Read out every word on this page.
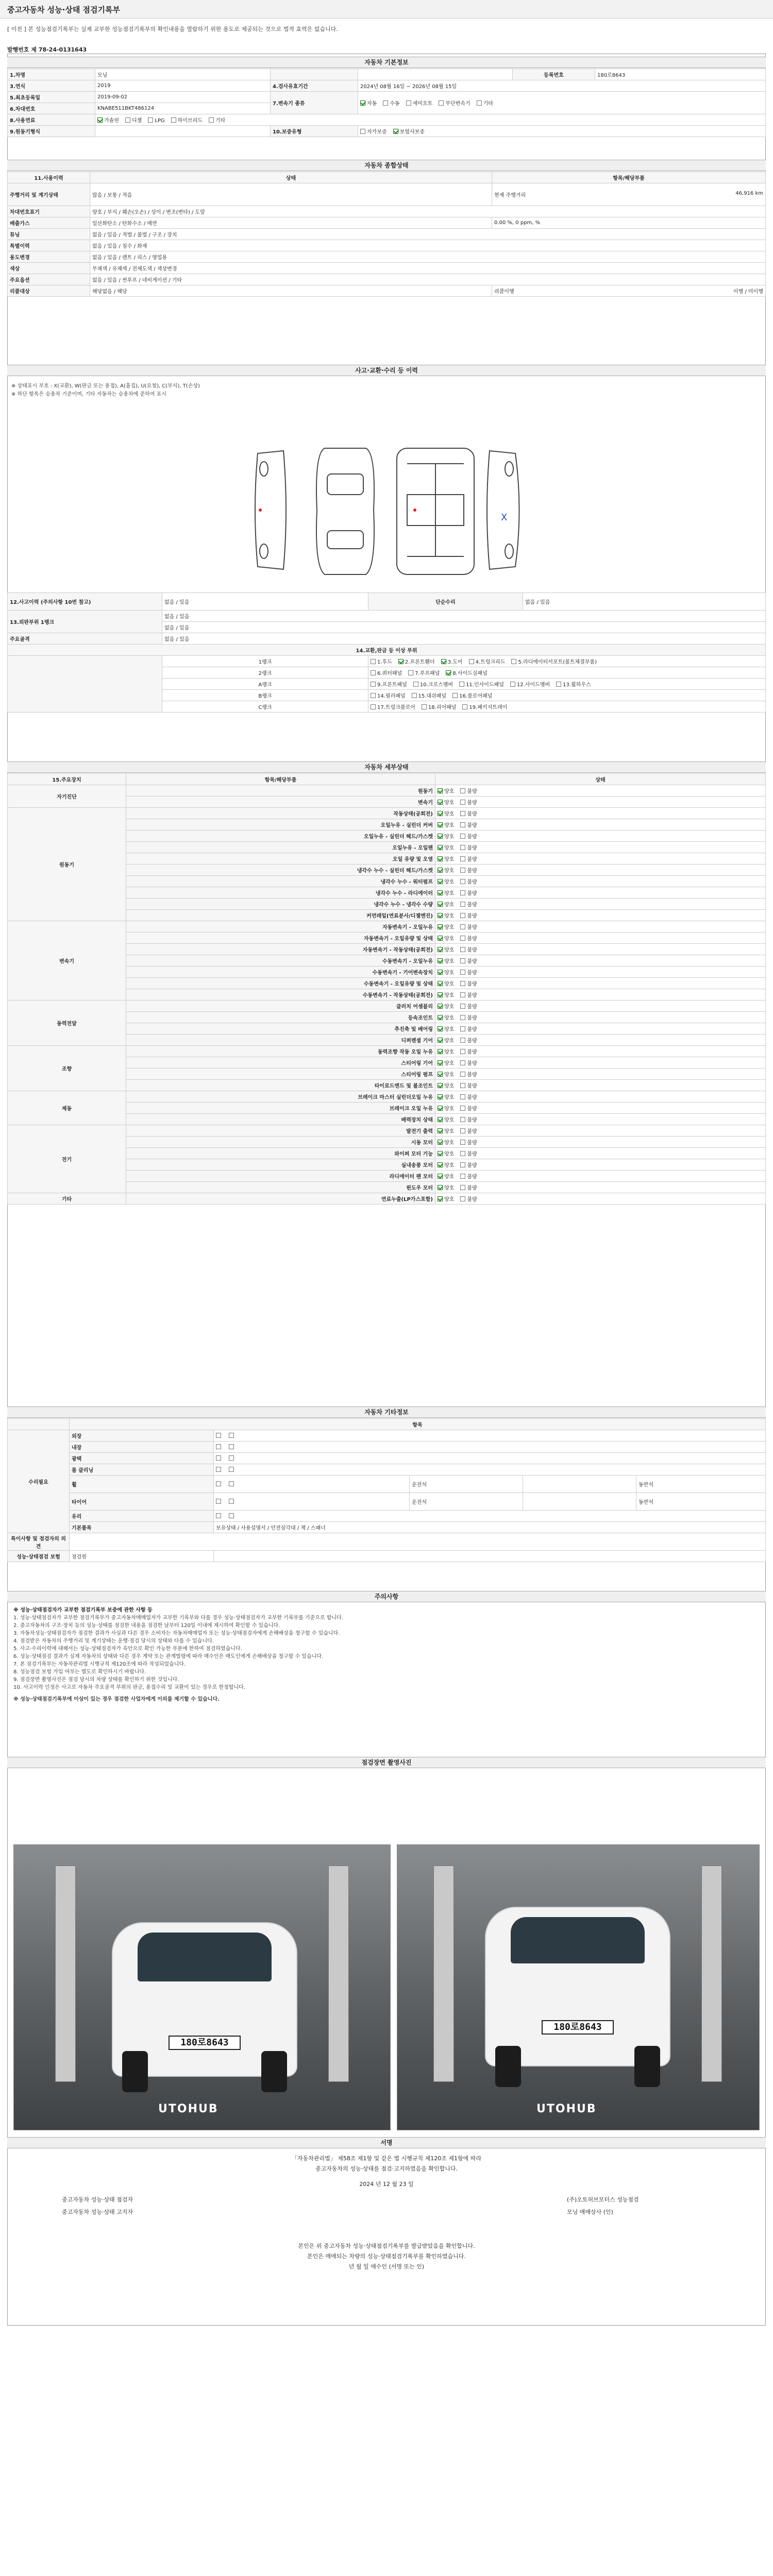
중고자동차 성능·상태 점검기록부
[ 이전 ] 본 성능점검기록부는 실제 교부한 성능점검기록부의 확인내용을 열람하기 위한 용도로 제공되는 것으로 법적 효력은 없습니다.
발행번호 제 78-24-0131643
자동차 기본정보
1.차명	모닝			등록번호	180로8643
3.연식	2019	4.검사유효기간	2024년 08월 16일 ~ 2026년 08월 15일		
5.최초등록일	2019-09-02	7.변속기 종류	자동 수동 세미오토 무단변속기 기타		
6.차대번호	KNABE511BKT486124				
8.사용연료	가솔린 디젤 LPG 하이브리드 기타				
9.원동기형식		10.보증유형	자가보증 보험사보증		
자동차 종합상태
11.사용이력	상태	항목/해당부품
주행거리 및 계기상태	많음 / 보통 / 적음	현재 주행거리 46,916 km

차대번호표기	양호 / 부식 / 훼손(오손) / 상이 / 변조(변타) / 도말	
배출가스	일산화탄소 / 탄화수소 / 매연	0.00 %, 0 ppm, %
튜닝	없음 / 있음 / 적법 / 불법 / 구조 / 장치	
특별이력	없음 / 있음 / 침수 / 화재	
용도변경	없음 / 있음 / 렌트 / 리스 / 영업용	
색상	무채색 / 유채색 / 전체도색 / 색상변경	
주요옵션	없음 / 있음 / 썬루프 / 네비게이션 / 기타	
리콜대상	해당없음 / 해당	리콜이행 이행 / 미이행
사고·교환·수리 등 이력
※ 상태표시 부호 : X(교환), W(판금 또는 용접), A(흠집), U(요철), C(부식), T(손상)
※ 하단 항목은 승용차 기준이며, 기타 자동차는 승용차에 준하여 표시
X
12.사고이력 (주의사항 10번 참고)	없음 / 있음	단순수리	없음 / 있음
13.외판부위 1랭크	없음 / 있음		
	없음 / 있음		
주요골격	없음 / 있음		
14.교환,판금 등 이상 부위			
	1랭크	1.후드 2.프론트휀더 3.도어 4.트렁크리드 5.라디에이터서포트(볼트체결부품)	
	2랭크	6.쿼터패널 7.루프패널 8.사이드실패널	
	A랭크	9.프론트패널 10.크로스멤버 11.인사이드패널 12.사이드멤버 13.휠하우스	
	B랭크	14.필러패널 15.대쉬패널 16.플로어패널	
	C랭크	17.트렁크플로어 18.리어패널 19.패키지트레이	
자동차 세부상태
15.주요장치	항목/해당부품	상태
자기진단	원동기	양호 불량
	변속기	양호 불량
원동기	작동상태(공회전)	양호 불량
	오일누유 - 실린더 커버	양호 불량
	오일누유 - 실린더 헤드/가스켓	양호 불량
	오일누유 - 오일팬	양호 불량
	오일 유량 및 오염	양호 불량
	냉각수 누수 - 실린더 헤드/가스켓	양호 불량
	냉각수 누수 - 워터펌프	양호 불량
	냉각수 누수 - 라디에이터	양호 불량
	냉각수 누수 - 냉각수 수량	양호 불량
	커먼레일(연료분사/디젤엔진)	양호 불량
변속기	자동변속기 - 오일누유	양호 불량
	자동변속기 - 오일유량 및 상태	양호 불량
	자동변속기 - 작동상태(공회전)	양호 불량
	수동변속기 - 오일누유	양호 불량
	수동변속기 - 기어변속장치	양호 불량
	수동변속기 - 오일유량 및 상태	양호 불량
	수동변속기 - 작동상태(공회전)	양호 불량
동력전달	클러치 어셈블리	양호 불량
	등속조인트	양호 불량
	추진축 및 베어링	양호 불량
	디퍼렌셜 기어	양호 불량
조향	동력조향 작동 오일 누유	양호 불량
	스티어링 기어	양호 불량
	스티어링 펌프	양호 불량
	타이로드엔드 및 볼조인트	양호 불량
제동	브레이크 마스터 실린더오일 누유	양호 불량
	브레이크 오일 누유	양호 불량
	배력장치 상태	양호 불량
전기	발전기 출력	양호 불량
	시동 모터	양호 불량
	와이퍼 모터 기능	양호 불량
	실내송풍 모터	양호 불량
	라디에이터 팬 모터	양호 불량
	윈도우 모터	양호 불량
기타	연료누출(LP가스포함)	양호 불량
자동차 기타정보
	항목				
수리필요	외장				
	내장				
	광택				
	룸 클리닝				
	휠		운전석		동반석
	타이어		운전석		동반석
	유리				
	기본품목	보유상태 / 사용설명서 / 안전삼각대 / 잭 / 스패너			
특이사항 및 점검자의 의견					
성능·상태점검 보험	점검원				
주의사항
※ 성능·상태점검자가 교부한 점검기록부 보증에 관한 사항 등
1. 성능·상태점검자가 교부한 점검기록부가 중고자동차매매업자가 교부한 기록부와 다를 경우 성능·상태점검자가 교부한 기록부를 기준으로 합니다.
2. 중고자동차의 구조·장치 등의 성능·상태를 점검한 내용을 점검한 날부터 120일 이내에 제시하여 확인할 수 있습니다.
3. 자동차성능·상태점검자가 점검한 결과가 사실과 다른 경우 소비자는 자동차매매업자 또는 성능·상태점검자에게 손해배상을 청구할 수 있습니다.
4. 점검받은 자동차의 주행거리 및 계기상태는 운행·점검 당시의 상태와 다를 수 있습니다.
5. 사고·수리이력에 대해서는 성능·상태점검자가 육안으로 확인 가능한 부분에 한하여 점검하였습니다.
6. 성능·상태점검 결과가 실제 자동차의 상태와 다른 경우 계약 또는 관계법령에 따라 매수인은 매도인에게 손해배상을 청구할 수 있습니다.
7. 본 점검기록부는 자동차관리법 시행규칙 제120조에 따라 작성되었습니다.
8. 성능점검 보험 가입 여부는 별도로 확인하시기 바랍니다.
9. 점검장면 촬영사진은 점검 당시의 차량 상태를 확인하기 위한 것입니다.
10. 사고이력 인정은 사고로 자동차 주요골격 부위의 판금, 용접수리 및 교환이 있는 경우로 한정합니다.
※ 성능·상태점검기록부에 이상이 있는 경우 점검한 사업자에게 이의를 제기할 수 있습니다.
점검장면 촬영사진
180로8643
UTOHUB
180로8643
UTOHUB
서명
「자동차관리법」 제58조 제1항 및 같은 법 시행규칙 제120조 제1항에 따라
중고자동차의 성능·상태를 점검·고지하였음을 확인합니다.
2024 년 12 월 23 일
중고자동차 성능·상태 점검자	(주)오토허브모터스 성능점검
중고자동차 성능·상태 고지자	모닝 매매상사 (인)
본인은 위 중고자동차 성능·상태점검기록부를 발급받았음을 확인합니다.
본인은 매매되는 차량의 성능·상태점검기록부를 확인하였습니다.
년 월 일 매수인 (서명 또는 인)
